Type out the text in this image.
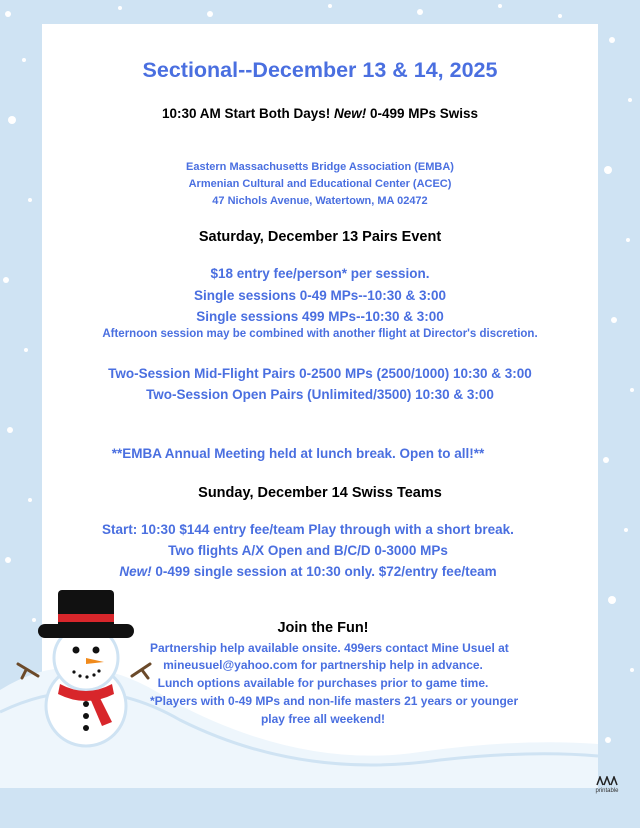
Sectional--December 13 & 14, 2025

10:30 AM Start Both Days! New! 0-499 MPs Swiss

Eastern Massachusetts Bridge Association (EMBA)

Armenian Cultural and Educational Center (ACEC)

47 Nichols Avenue, Watertown, MA 02472

Saturday, December 13 Pairs Event

$18 entry fee/person* per session.

Single sessions 0-49 MPs--10:30 & 3:00

Single sessions 499 MPs--10:30 & 3:00

Afternoon session may be combined with another flight at Director's discretion.

Two-Session Mid-Flight Pairs 0-2500 MPs (2500/1000) 10:30 & 3:00

Two-Session Open Pairs (Unlimited/3500) 10:30 & 3:00

**EMBA Annual Meeting held at lunch break. Open to all!**

Sunday, December 14 Swiss Teams

Start: 10:30 $144 entry fee/team Play through with a short break.

Two flights A/X Open and B/C/D 0-3000 MPs

New! 0-499 single session at 10:30 only. $72/entry fee/team

Join the Fun!

Partnership help available onsite. 499ers contact Mine Usuel at

mineusuel@yahoo.com for partnership help in advance.

Lunch options available for purchases prior to game time.

*Players with 0-49 MPs and non-life masters 21 years or younger

play free all weekend!

printable
